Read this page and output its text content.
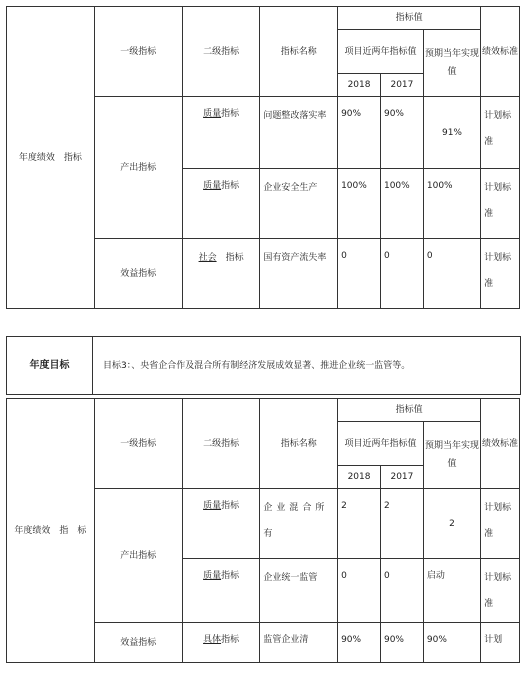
年度绩效　指标	一级指标	二级指标	指标名称	指标值			绩效标准
				项目近两年指标值		预期当年实现值	
				2018	2017		
	产出指标	质量指标	问题整改落实率	90%	90%	91%	计划标准
		质量指标	企业安全生产	100%	100%	100%	计划标准
	效益指标	社会　指标	国有资产流失率	0	0	0	计划标准
年度目标	目标3：、央省企合作及混合所有制经济发展成效显著、推进企业统一监管等。
年度绩效　指　标	一级指标	二级指标	指标名称	指标值			绩效标准
				项目近两年指标值		预期当年实现值	
				2018	2017		
	产出指标	质量指标	企业混合所有	2	2	2	计划标准
		质量指标	企业统一监管	0	0	启动	计划标准
	效益指标	具体指标	监管企业清	90%	90%	90%	计划
